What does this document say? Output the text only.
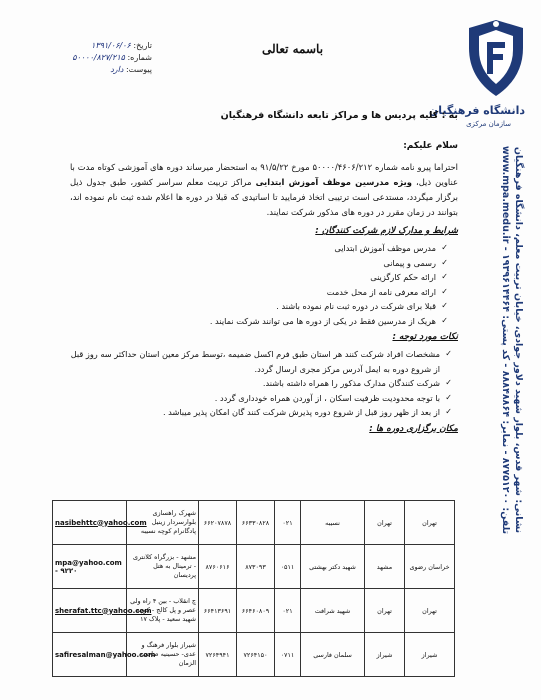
دانشگاه فرهنگیان
سازمان مرکزی
نشانی: شهر قدس، بلوار شهید دلاور جوادی، خیابان تربیت معلم، دانشگاه فرهنگیان
تلفن: ۸۷۷۵۱۲۰۰ - نمابر: ۸۸۸۴۸۸۶۴ - کد پستی: ۱۹۳۹۶۱۴۴۶۴ - www.mpa.medu.ir
تاریخ: ۱۳۹۱/۰۶/۰۶
شماره: ۵۰۰۰۰/۸۲۷/۲۱۵
پیوست: دارد
باسمه تعالی
به : کلیه پردیس ها و مراکز تابعه دانشگاه فرهنگیان
سلام علیکم:

احتراما پیرو نامه شماره ۵۰۰۰۰/۴۶۰۶/۲۱۲ مورخ ۹۱/۵/۲۲ به استحضار میرساند دوره های آموزشی کوتاه مدت با عناوین ذیل، ویژه مدرسین موظف آموزش ابتدایی مراکز تربیت معلم سراسر کشور، طبق جدول ذیل برگزار میگردد، مستدعی است ترتیبی اتخاذ فرمایید تا اساتیدی که قبلا در دوره ها اعلام شده ثبت نام نموده اند، بتوانند در زمان مقرر در دوره های مذکور شرکت نمایند.

شرایط و مدارک لازم شرکت کنندگان :
✓ مدرس موظف آموزش ابتدایی
✓ رسمی و پیمانی
✓ ارائه حکم کارگزینی
✓ ارائه معرفی نامه از محل خدمت
✓ قبلا برای شرکت در دوره ثبت نام نموده باشند .
✓ هریک از مدرسین فقط در یکی از دوره ها می توانند شرکت نمایند .
نکات مورد توجه :
✓ مشخصات افراد شرکت کنند هر استان طبق فرم اکسل ضمیمه ،توسط مرکز معین استان حداکثر سه روز قبل از شروع دوره به ایمل آدرس مرکز مجری ارسال گردد.
✓ شرکت کنندگان مدارک مذکور را همراه داشته باشند.
✓ با توجه محدودیت ظرفیت اسکان ، از آوردن همراه خودداری گردد .
✓ از بعد از ظهر روز قبل از شروع دوره پذیرش شرکت کنند گان امکان پذیر میباشد .
مکان برگزاری دوره ها :
تهران	تهران	نسیبه	۰۲۱	۶۶۳۳۰۸۲۸	۶۶۲۰۷۸۷۸	شهرک راهسازی بلوارسردار زینیل پادگانرام کوچه نسیبه	nasibehttc@yahoo.com
خراسان رضوی	مشهد	شهید دکتر بهشتی	۰۵۱۱	۸۷۳۰۹۳	۸۷۶۰۶۱۶	مشهد - بزرگراه کلانتری - ترمینال به هتل پردیسان	mpa@yahoo.com - ۹۲۲۰
تهران	تهران	شهید شرافت	۰۲۱	۶۶۴۶۰۸۰۹	۶۶۴۱۳۶۹۱	چ انقلاب - بین ۴ راه ولی عصر و پل کالج - کوچه شهید سعید - پلاک ۱۷	sherafat.ttc@yahoo.com
شیراز	شیراز	سلمان فارسی	۰۷۱۱	۷۲۶۴۱۵۰	۷۲۶۴۹۴۱	شیراز بلوار فرهنگ و عدی- حسینیه صاحب الزمان	safiresalman@yahoo.com
